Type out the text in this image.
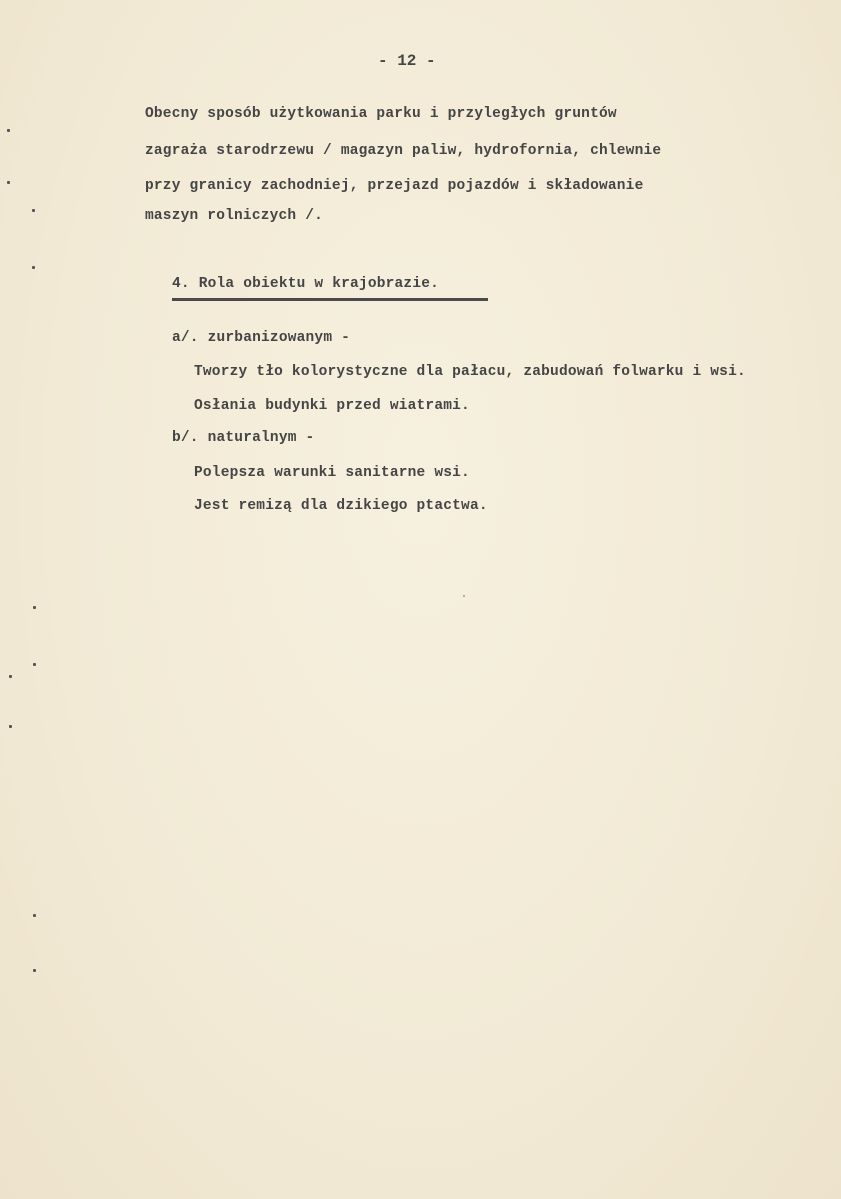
- 12 -
Obecny sposób użytkowania parku i przyległych gruntów
zagraża starodrzewu / magazyn paliw, hydrofornia, chlewnie
przy granicy zachodniej, przejazd pojazdów i składowanie
maszyn rolniczych /.
4. Rola obiektu w krajobrazie.
a/. zurbanizowanym -
Tworzy tło kolorystyczne dla pałacu, zabudowań folwarku i wsi.
Osłania budynki przed wiatrami.
b/. naturalnym -
Polepsza warunki sanitarne wsi.
Jest remizą dla dzikiego ptactwa.
